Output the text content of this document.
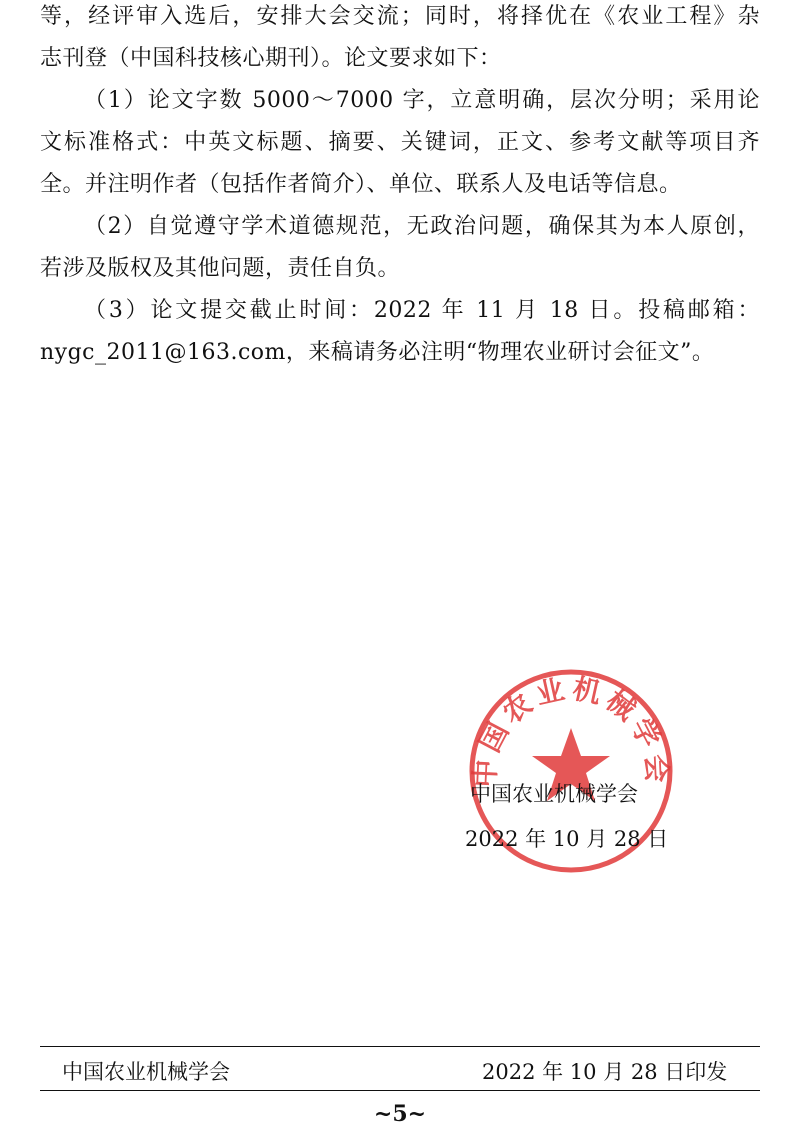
等，经评审入选后，安排大会交流；同时，将择优在《农业工程》杂
志刊登（中国科技核心期刊）。论文要求如下：
（1）论文字数 5000～7000 字，立意明确，层次分明；采用论
文标准格式：中英文标题、摘要、关键词，正文、参考文献等项目齐
全。并注明作者（包括作者简介）、单位、联系人及电话等信息。
（2）自觉遵守学术道德规范，无政治问题，确保其为本人原创，
若涉及版权及其他问题，责任自负。
（3）论文提交截止时间：2022 年 11 月 18 日。投稿邮箱：
nygc_2011@163.com，来稿请务必注明“物理农业研讨会征文”。
中国农业机械学会
中国农业机械学会
2022 年 10 月 28 日
中国农业机械学会	2022 年 10 月 28 日印发
~5~
